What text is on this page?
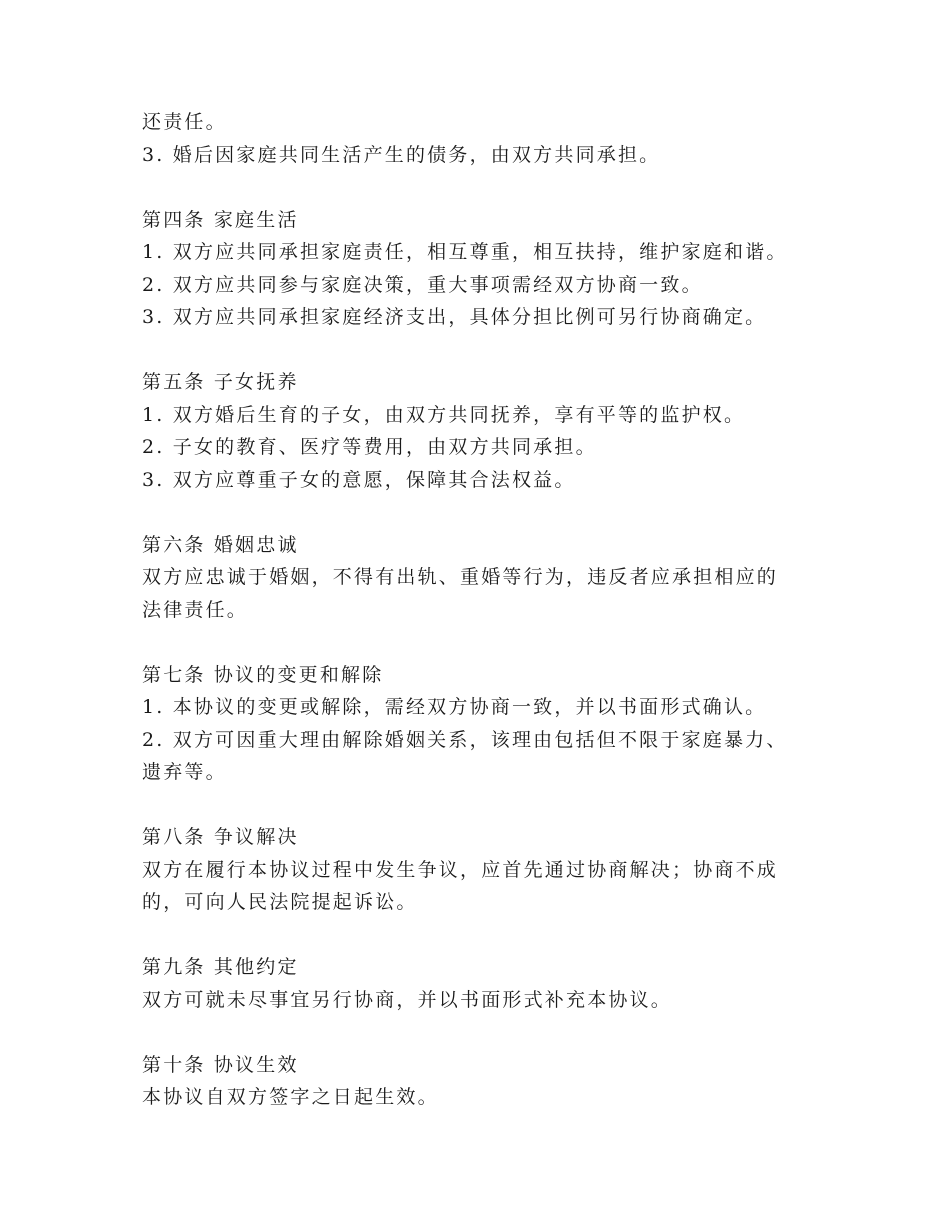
还责任。
3. 婚后因家庭共同生活产生的债务，由双方共同承担。
第四条 家庭生活
1. 双方应共同承担家庭责任，相互尊重，相互扶持，维护家庭和谐。
2. 双方应共同参与家庭决策，重大事项需经双方协商一致。
3. 双方应共同承担家庭经济支出，具体分担比例可另行协商确定。
第五条 子女抚养
1. 双方婚后生育的子女，由双方共同抚养，享有平等的监护权。
2. 子女的教育、医疗等费用，由双方共同承担。
3. 双方应尊重子女的意愿，保障其合法权益。
第六条 婚姻忠诚
双方应忠诚于婚姻，不得有出轨、重婚等行为，违反者应承担相应的
法律责任。
第七条 协议的变更和解除
1. 本协议的变更或解除，需经双方协商一致，并以书面形式确认。
2. 双方可因重大理由解除婚姻关系，该理由包括但不限于家庭暴力、
遗弃等。
第八条 争议解决
双方在履行本协议过程中发生争议，应首先通过协商解决；协商不成
的，可向人民法院提起诉讼。
第九条 其他约定
双方可就未尽事宜另行协商，并以书面形式补充本协议。
第十条 协议生效
本协议自双方签字之日起生效。
